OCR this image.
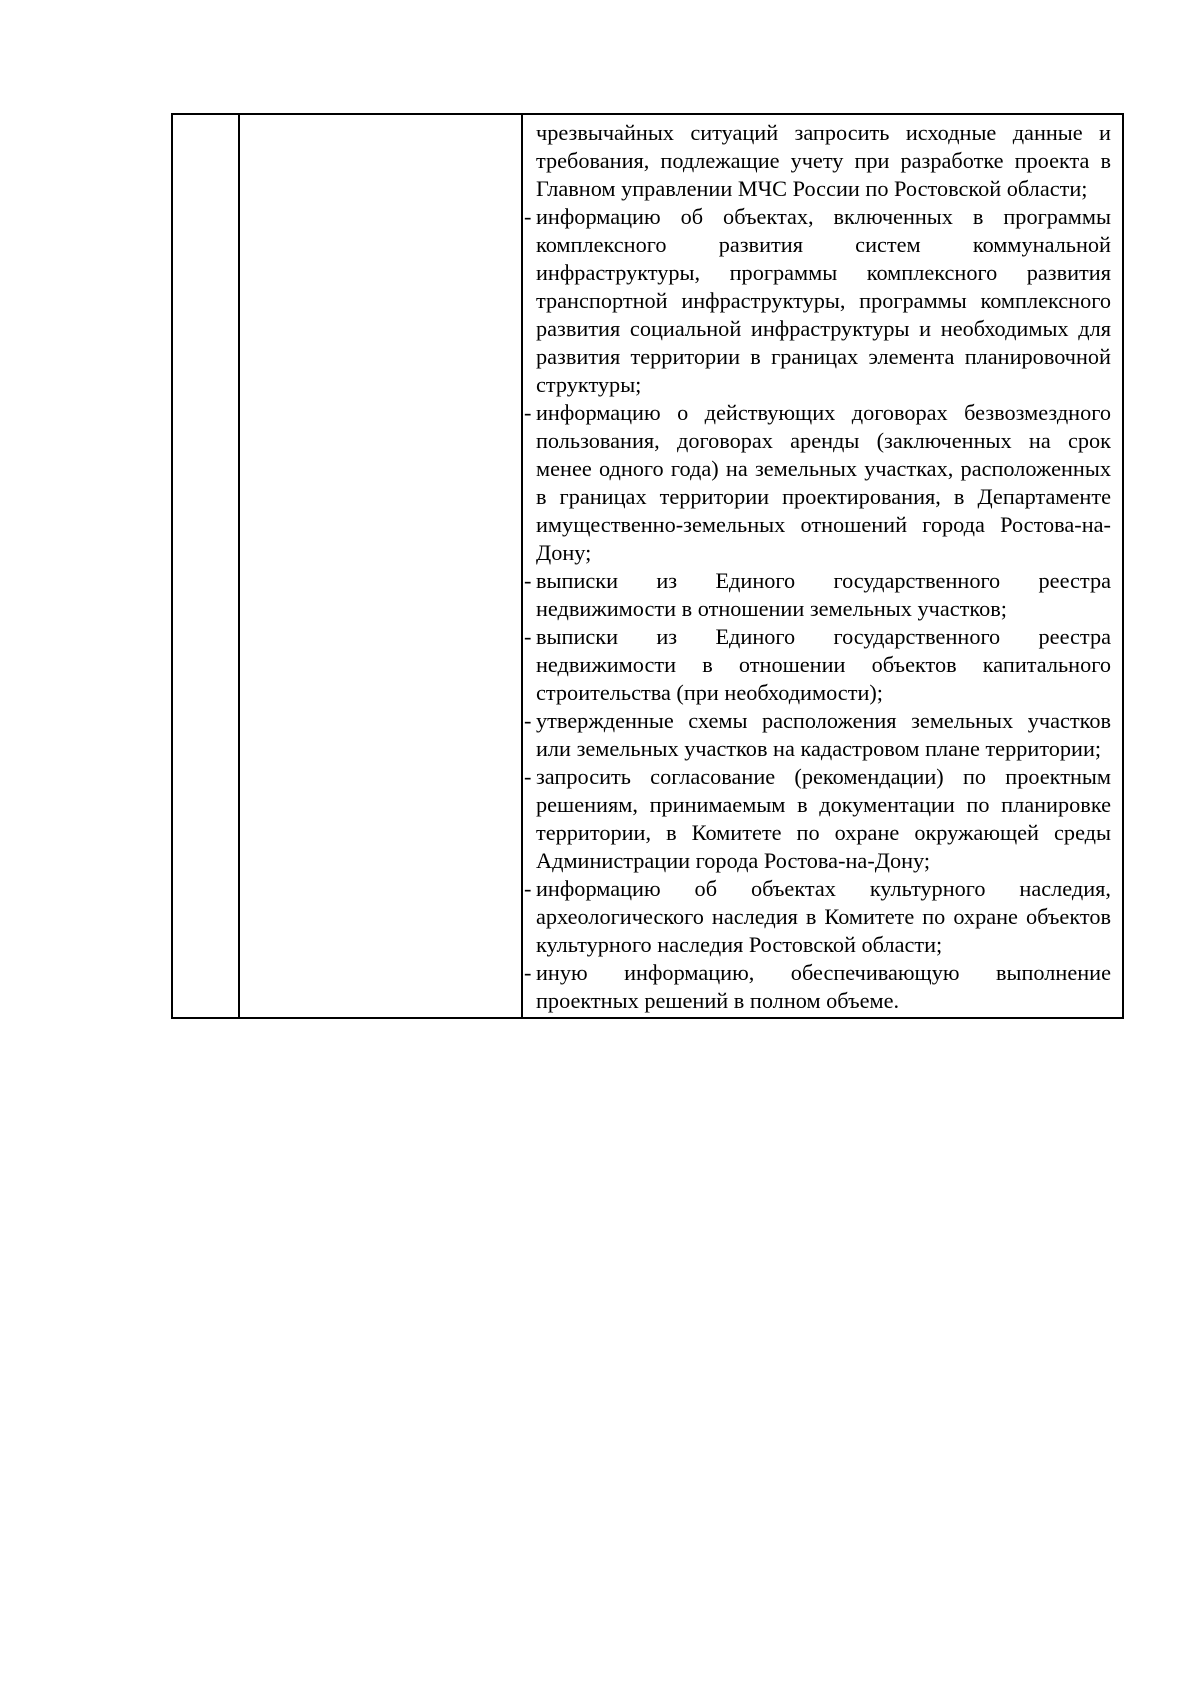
чрезвычайных ситуаций запросить исходные данные и требования, подлежащие учету при разработке проекта в Главном управлении МЧС России по Ростовской области;
- информацию об объектах, включенных в программы комплексного развития систем коммунальной инфраструктуры, программы комплексного развития транспортной инфраструктуры, программы комплексного развития социальной инфраструктуры и необходимых для развития территории в границах элемента планировочной структуры;
- информацию о действующих договорах безвозмездного пользования, договорах аренды (заключенных на срок менее одного года) на земельных участках, расположенных в границах территории проектирования, в Департаменте имущественно-земельных отношений города Ростова-на-Дону;
- выписки из Единого государственного реестра недвижимости в отношении земельных участков;
- выписки из Единого государственного реестра недвижимости в отношении объектов капитального строительства (при необходимости);
- утвержденные схемы расположения земельных участков или земельных участков на кадастровом плане территории;
- запросить согласование (рекомендации) по проектным решениям, принимаемым в документации по планировке территории, в Комитете по охране окружающей среды Администрации города Ростова-на-Дону;
- информацию об объектах культурного наследия, археологического наследия в Комитете по охране объектов культурного наследия Ростовской области;
- иную информацию, обеспечивающую выполнение проектных решений в полном объеме.
